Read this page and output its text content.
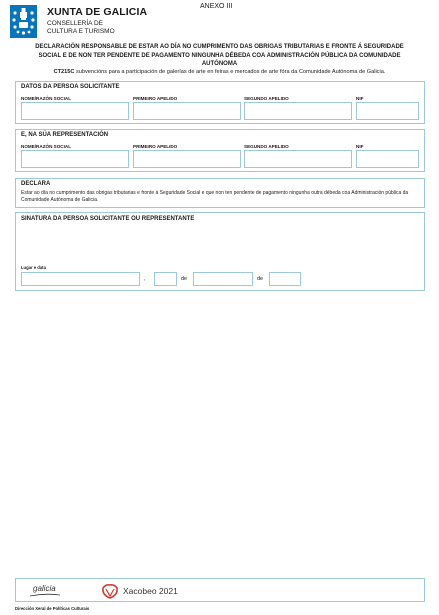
XUNTA DE GALICIA
CONSELLERÍA DE
CULTURA E TURISMO
ANEXO III
DECLARACIÓN RESPONSABLE DE ESTAR AO DÍA NO CUMPRIMENTO DAS OBRIGAS TRIBUTARIAS E FRONTE Á SEGURIDADE
SOCIAL E DE NON TER PENDENTE DE PAGAMENTO NINGUNHA DÉBEDA COA ADMINISTRACIÓN PÚBLICA DA COMUNIDADE
AUTÓNOMA
CT215C subvencións para a participación de galerías de arte en feiras e mercados de arte fóra da Comunidade Autónoma de Galicia.
DATOS DA PERSOA SOLICITANTE
NOME/RAZÓN SOCIAL	PRIMEIRO APELIDO	SEGUNDO APELIDO	NIF
E, NA SÚA REPRESENTACIÓN
NOME/RAZÓN SOCIAL	PRIMEIRO APELIDO	SEGUNDO APELIDO	NIF
DECLARA
Estar ao día no cumprimento das obrigas tributarias e fronte á Seguridade Social e que non ten pendente de pagamento ningunha outra débeda coa Administración pública da Comunidade Autónoma de Galicia.
SINATURA DA PERSOA SOLICITANTE OU REPRESENTANTE
Lugar e data
,	de	de
galicia	Xacobeo 2021
Dirección Xeral de Políticas Culturais
